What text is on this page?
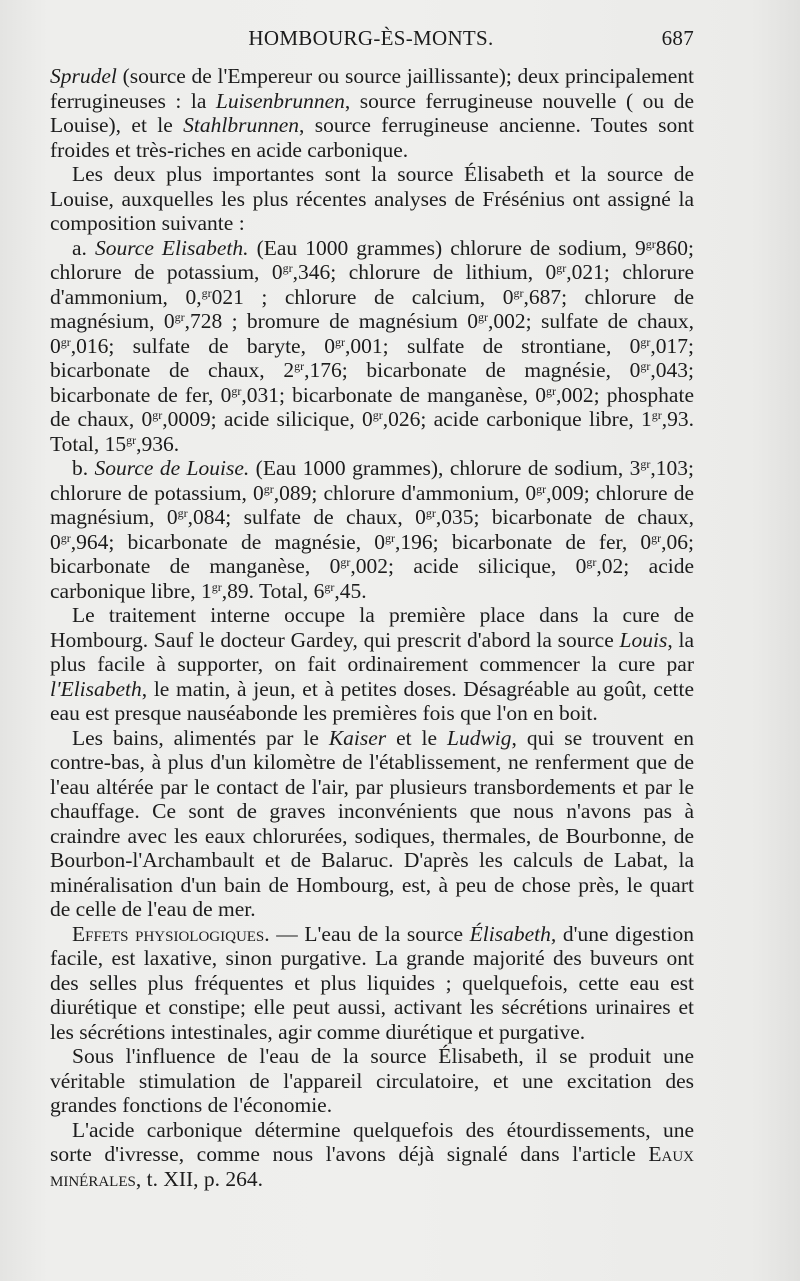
HOMBOURG-ÈS-MONTS.	687

Sprudel (source de l'Empereur ou source jaillissante); deux principalement ferrugineuses : la Luisenbrunnen, source ferrugineuse nouvelle ( ou de Louise), et le Stahlbrunnen, source ferrugineuse ancienne. Toutes sont froides et très-riches en acide carbonique.

Les deux plus importantes sont la source Élisabeth et la source de Louise, auxquelles les plus récentes analyses de Frésénius ont assigné la composition suivante :

a. Source Elisabeth. (Eau 1000 grammes) chlorure de sodium, $9^{gr}860$; chlorure de potassium, $0^{gr},346$; chlorure de lithium, $0^{gr},021$; chlorure d'ammonium, 0,$^{gr}$021 ; chlorure de calcium, $0^{gr},687$; chlorure de magnésium, $0^{gr},728$ ; bromure de magnésium $0^{gr},002$; sulfate de chaux, $0^{gr},016$; sulfate de baryte, $0^{gr},001$; sulfate de strontiane, $0^{gr},017$; bicarbonate de chaux, $2^{gr},176$; bicarbonate de magnésie, $0^{gr},043$; bicarbonate de fer, $0^{gr},031$; bicarbonate de manganèse, $0^{gr},002$; phosphate de chaux, $0^{gr},0009$; acide silicique, $0^{gr},026$; acide carbonique libre, $1^{gr},93$. Total, $15^{gr},936$.

b. Source de Louise. (Eau 1000 grammes), chlorure de sodium, $3^{gr},103$; chlorure de potassium, $0^{gr},089$; chlorure d'ammonium, $0^{gr},009$; chlorure de magnésium, $0^{gr},084$; sulfate de chaux, $0^{gr},035$; bicarbonate de chaux, $0^{gr},964$; bicarbonate de magnésie, $0^{gr},196$; bicarbonate de fer, $0^{gr},06$; bicarbonate de manganèse, $0^{gr},002$; acide silicique, $0^{gr},02$; acide carbonique libre, $1^{gr},89$. Total, $6^{gr},45$.

Le traitement interne occupe la première place dans la cure de Hombourg. Sauf le docteur Gardey, qui prescrit d'abord la source Louis, la plus facile à supporter, on fait ordinairement commencer la cure par l'Elisabeth, le matin, à jeun, et à petites doses. Désagréable au goût, cette eau est presque nauséabonde les premières fois que l'on en boit.

Les bains, alimentés par le Kaiser et le Ludwig, qui se trouvent en contre-bas, à plus d'un kilomètre de l'établissement, ne renferment que de l'eau altérée par le contact de l'air, par plusieurs transbordements et par le chauffage. Ce sont de graves inconvénients que nous n'avons pas à craindre avec les eaux chlorurées, sodiques, thermales, de Bourbonne, de Bourbon-l'Archambault et de Balaruc. D'après les calculs de Labat, la minéralisation d'un bain de Hombourg, est, à peu de chose près, le quart de celle de l'eau de mer.

Effets physiologiques. — L'eau de la source Élisabeth, d'une digestion facile, est laxative, sinon purgative. La grande majorité des buveurs ont des selles plus fréquentes et plus liquides ; quelquefois, cette eau est diurétique et constipe; elle peut aussi, activant les sécrétions urinaires et les sécrétions intestinales, agir comme diurétique et purgative.

Sous l'influence de l'eau de la source Élisabeth, il se produit une véritable stimulation de l'appareil circulatoire, et une excitation des grandes fonctions de l'économie.

L'acide carbonique détermine quelquefois des étourdissements, une sorte d'ivresse, comme nous l'avons déjà signalé dans l'article Eaux minérales, t. XII, p. 264.
